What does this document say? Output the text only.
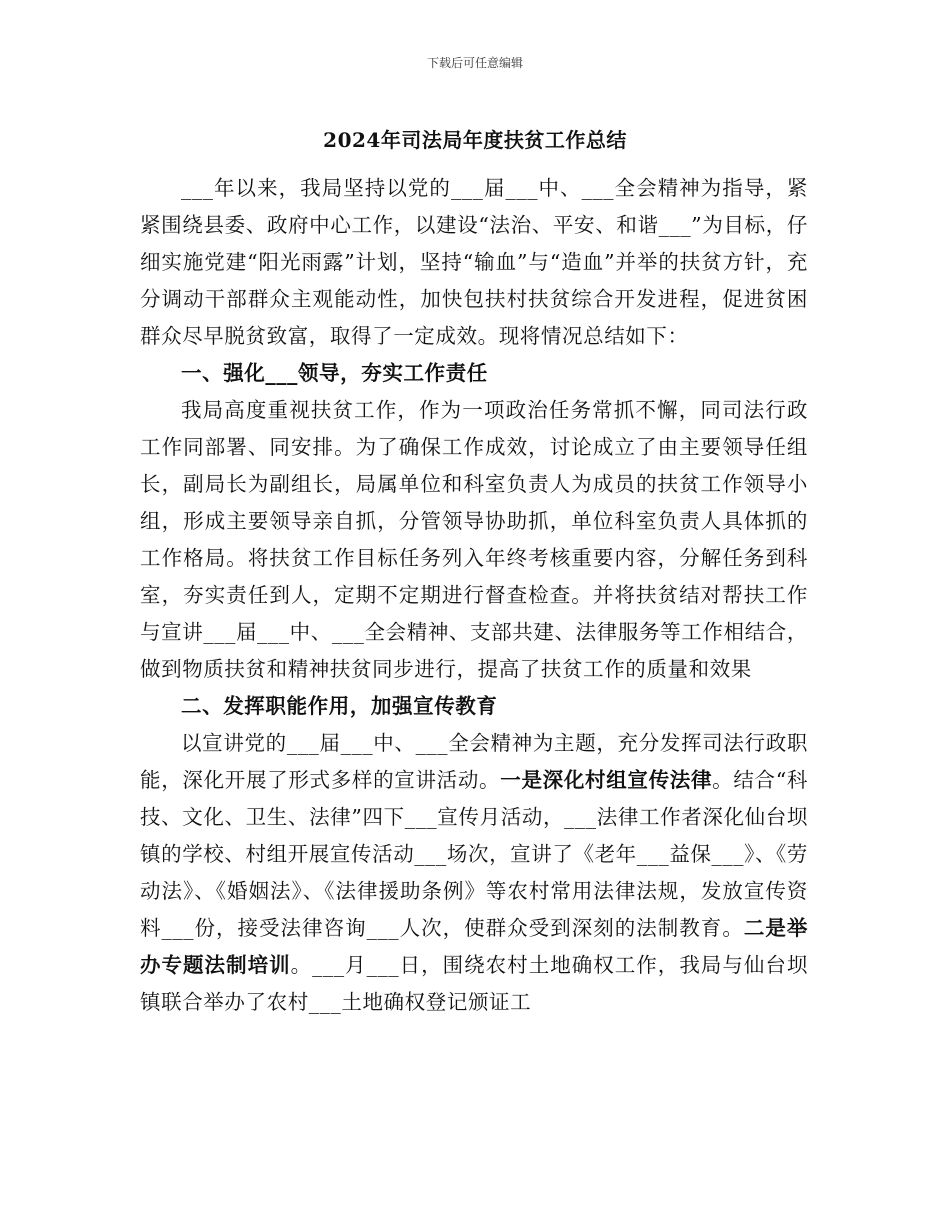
下载后可任意编辑
2024年司法局年度扶贫工作总结

___年以来，我局坚持以党的___届___中、___全会精神为指导，紧紧围绕县委、政府中心工作，以建设“法治、平安、和谐___”为目标，仔细实施党建“阳光雨露”计划，坚持“输血”与“造血”并举的扶贫方针，充分调动干部群众主观能动性，加快包扶村扶贫综合开发进程，促进贫困群众尽早脱贫致富，取得了一定成效。现将情况总结如下：

一、强化___领导，夯实工作责任

我局高度重视扶贫工作，作为一项政治任务常抓不懈，同司法行政工作同部署、同安排。为了确保工作成效，讨论成立了由主要领导任组长，副局长为副组长，局属单位和科室负责人为成员的扶贫工作领导小组，形成主要领导亲自抓，分管领导协助抓，单位科室负责人具体抓的工作格局。将扶贫工作目标任务列入年终考核重要内容，分解任务到科室，夯实责任到人，定期不定期进行督查检查。并将扶贫结对帮扶工作与宣讲___届___中、___全会精神、支部共建、法律服务等工作相结合，做到物质扶贫和精神扶贫同步进行，提高了扶贫工作的质量和效果

二、发挥职能作用，加强宣传教育

以宣讲党的___届___中、___全会精神为主题，充分发挥司法行政职能，深化开展了形式多样的宣讲活动。一是深化村组宣传法律。结合“科技、文化、卫生、法律”四下___宣传月活动，___法律工作者深化仙台坝镇的学校、村组开展宣传活动___场次，宣讲了《老年___益保___》、《劳动法》、《婚姻法》、《法律援助条例》等农村常用法律法规，发放宣传资料___份，接受法律咨询___人次，使群众受到深刻的法制教育。二是举办专题法制培训。___月___日，围绕农村土地确权工作，我局与仙台坝镇联合举办了农村___土地确权登记颁证工
